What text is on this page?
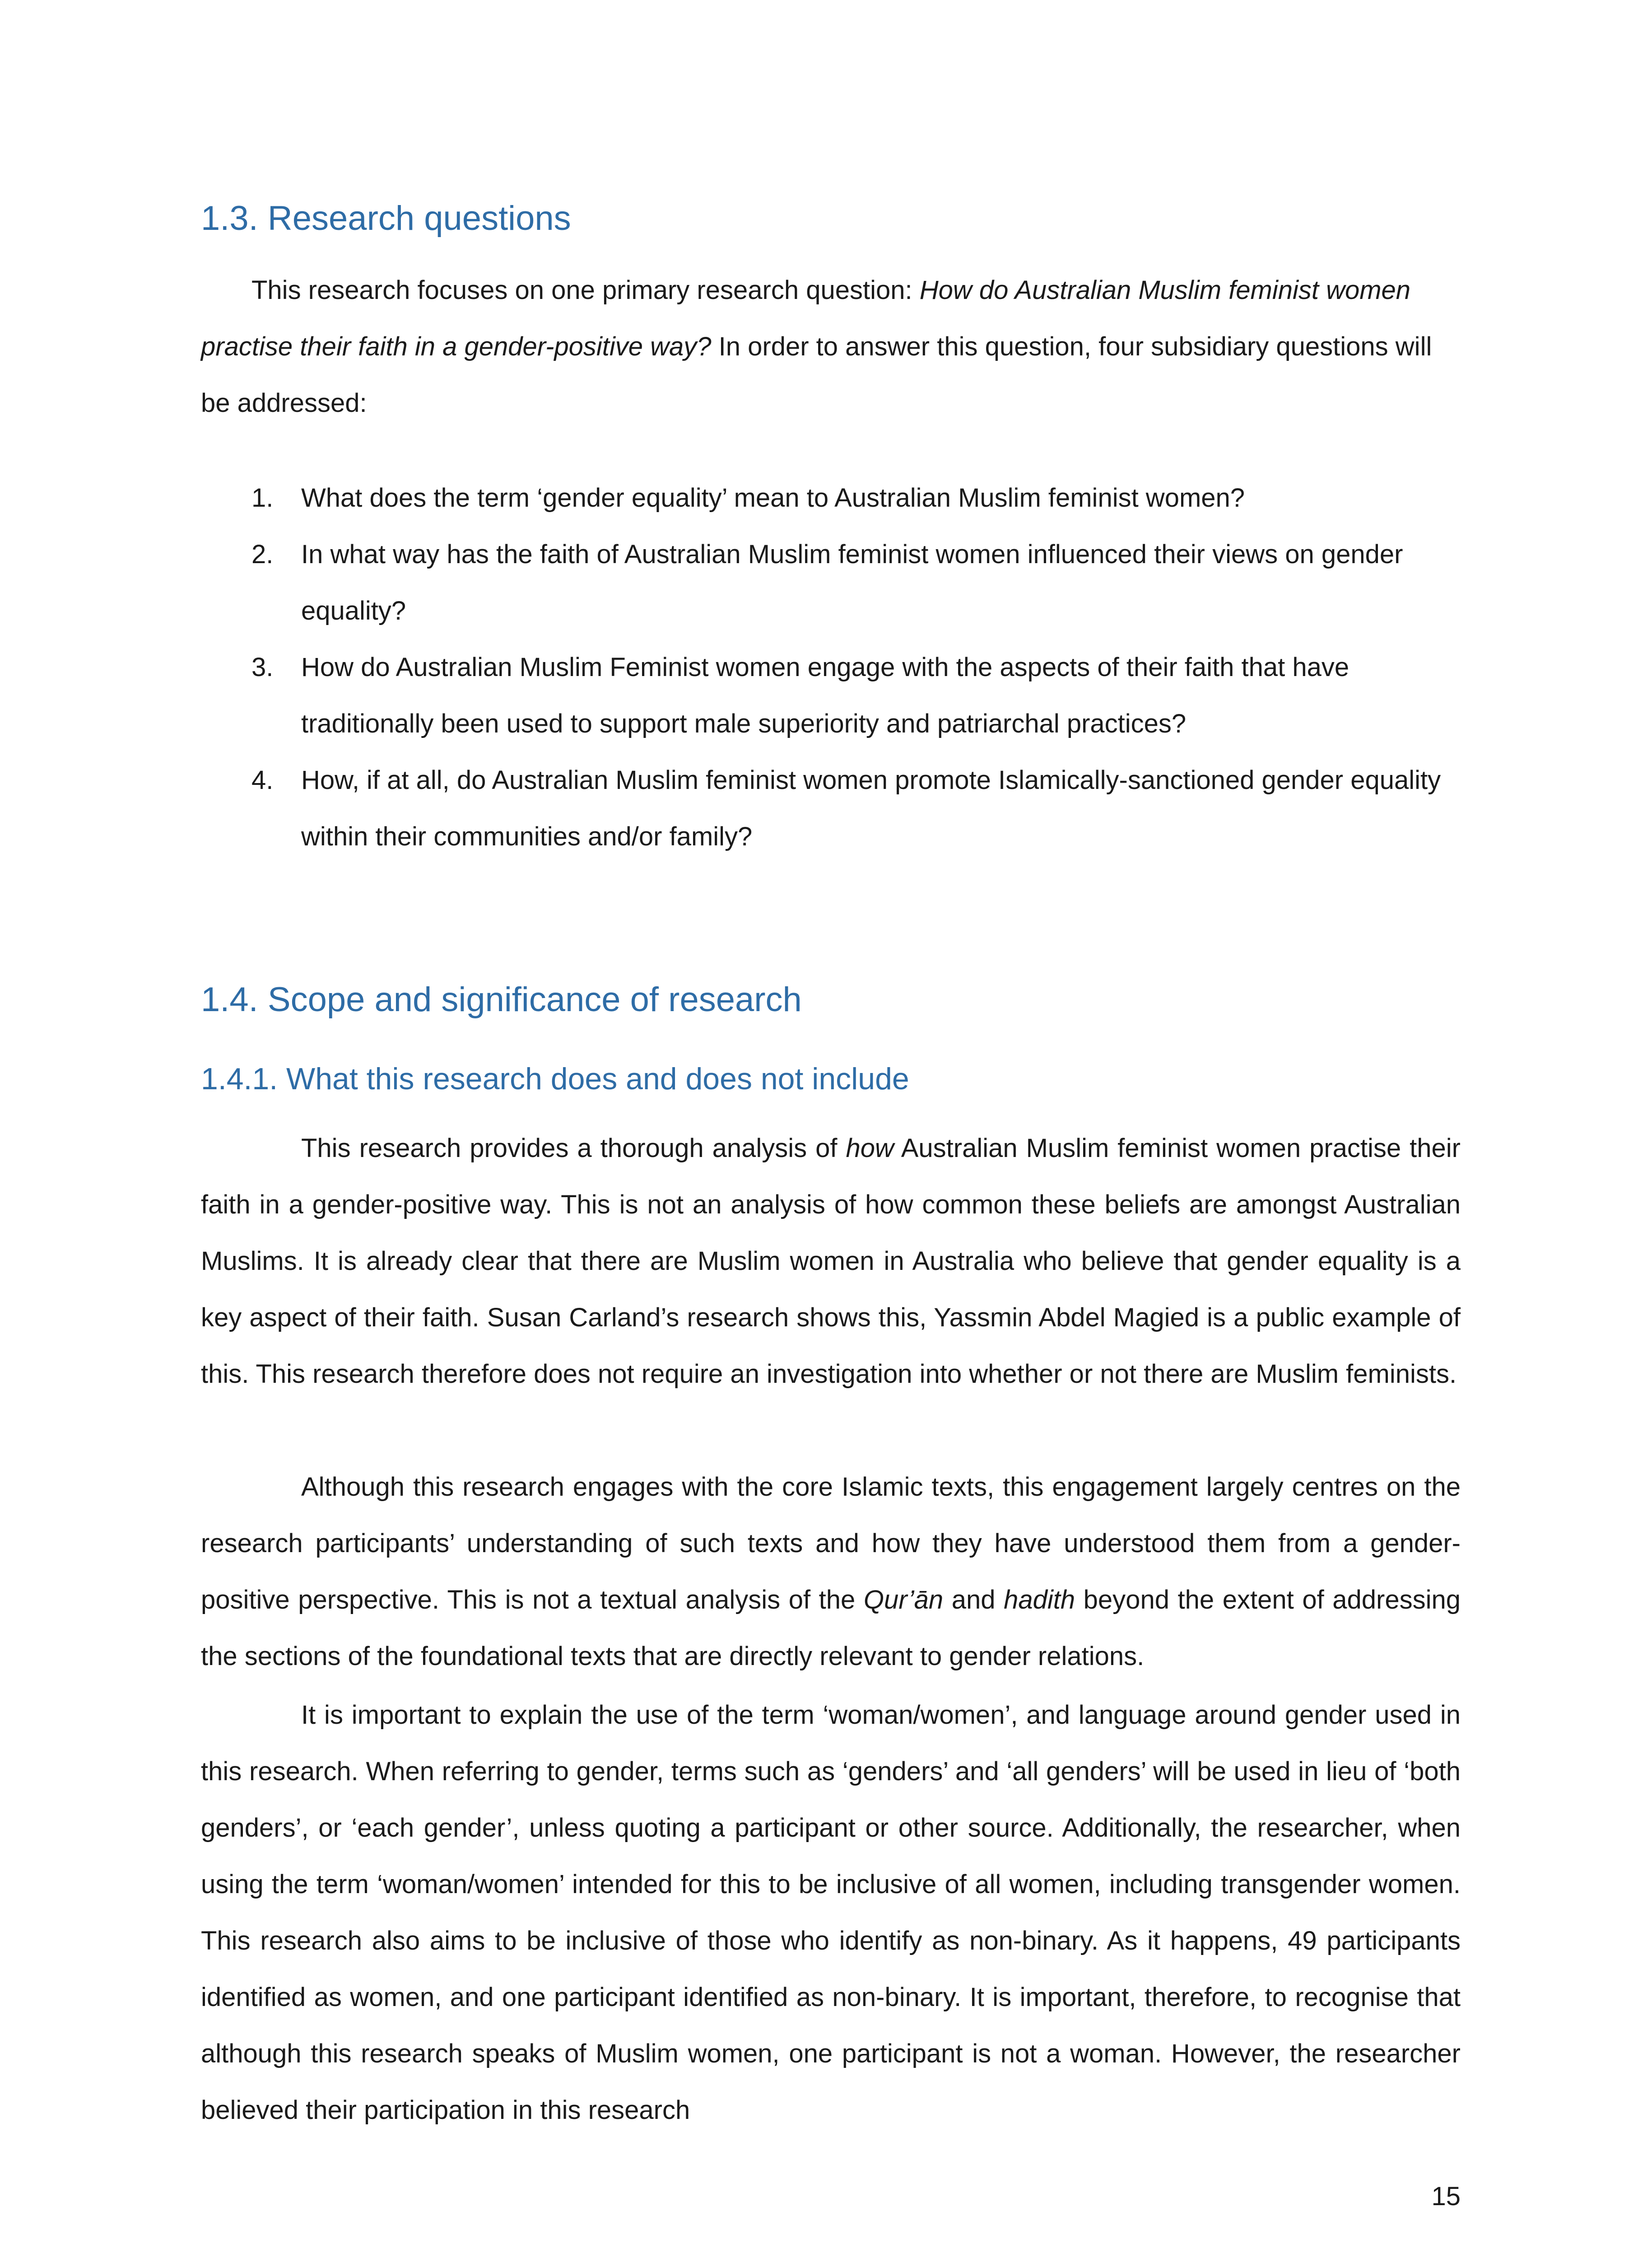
1.3. Research questions

This research focuses on one primary research question: How do Australian Muslim feminist women practise their faith in a gender-positive way? In order to answer this question, four subsidiary questions will be addressed:

1. What does the term ‘gender equality’ mean to Australian Muslim feminist women?
2. In what way has the faith of Australian Muslim feminist women influenced their views on gender equality?
3. How do Australian Muslim Feminist women engage with the aspects of their faith that have traditionally been used to support male superiority and patriarchal practices?
4. How, if at all, do Australian Muslim feminist women promote Islamically-sanctioned gender equality within their communities and/or family?
1.4. Scope and significance of research
1.4.1. What this research does and does not include

This research provides a thorough analysis of how Australian Muslim feminist women practise their faith in a gender-positive way. This is not an analysis of how common these beliefs are amongst Australian Muslims. It is already clear that there are Muslim women in Australia who believe that gender equality is a key aspect of their faith. Susan Carland’s research shows this, Yassmin Abdel Magied is a public example of this. This research therefore does not require an investigation into whether or not there are Muslim feminists.

Although this research engages with the core Islamic texts, this engagement largely centres on the research participants’ understanding of such texts and how they have understood them from a gender-positive perspective. This is not a textual analysis of the Qur’ān and hadith beyond the extent of addressing the sections of the foundational texts that are directly relevant to gender relations.

It is important to explain the use of the term ‘woman/women’, and language around gender used in this research. When referring to gender, terms such as ‘genders’ and ‘all genders’ will be used in lieu of ‘both genders’, or ‘each gender’, unless quoting a participant or other source. Additionally, the researcher, when using the term ‘woman/women’ intended for this to be inclusive of all women, including transgender women. This research also aims to be inclusive of those who identify as non-binary. As it happens, 49 participants identified as women, and one participant identified as non-binary. It is important, therefore, to recognise that although this research speaks of Muslim women, one participant is not a woman. However, the researcher believed their participation in this research

15
